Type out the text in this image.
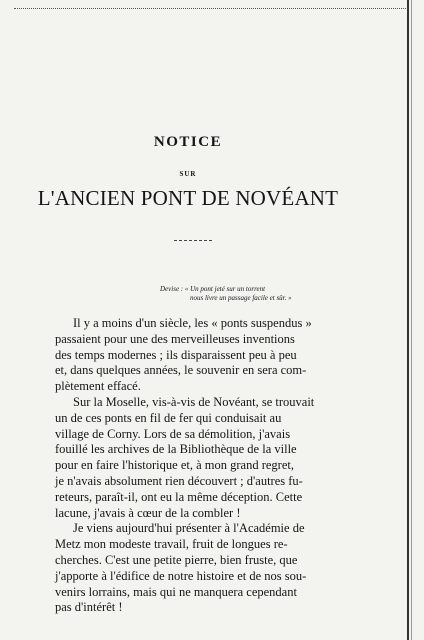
NOTICE
SUR
L'ANCIEN PONT DE NOVÉANT
Devise : « Un pont jeté sur un torrent
nous livre un passage facile et sûr. »
Il y a moins d'un siècle, les « ponts suspendus »
passaient pour une des merveilleuses inventions
des temps modernes ; ils disparaissent peu à peu
et, dans quelques années, le souvenir en sera com-
plètement effacé.
Sur la Moselle, vis-à-vis de Novéant, se trouvait
un de ces ponts en fil de fer qui conduisait au
village de Corny. Lors de sa démolition, j'avais
fouillé les archives de la Bibliothèque de la ville
pour en faire l'historique et, à mon grand regret,
je n'avais absolument rien découvert ; d'autres fu-
reteurs, paraît-il, ont eu la même déception. Cette
lacune, j'avais à cœur de la combler !
Je viens aujourd'hui présenter à l'Académie de
Metz mon modeste travail, fruit de longues re-
cherches. C'est une petite pierre, bien fruste, que
j'apporte à l'édifice de notre histoire et de nos sou-
venirs lorrains, mais qui ne manquera cependant
pas d'intérêt !
